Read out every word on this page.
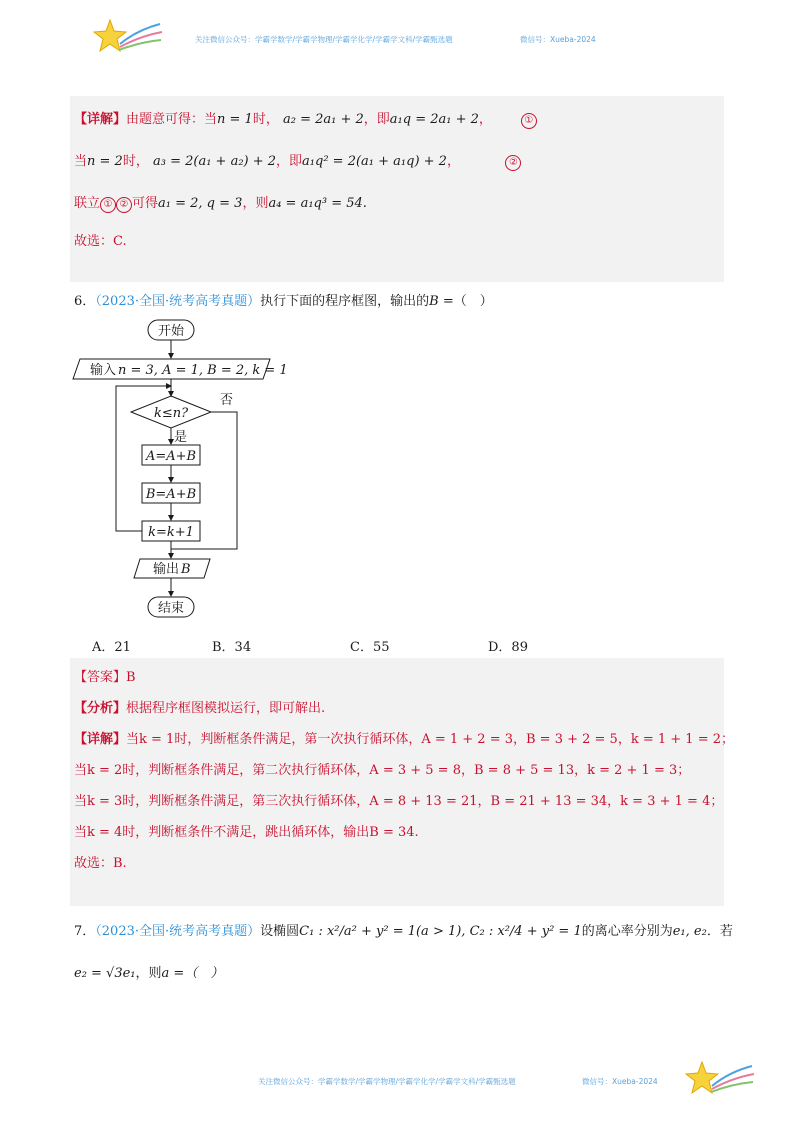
关注微信公众号：学霸学数学/学霸学物理/学霸学化学/学霸学文科/学霸甄选题	微信号：Xueba-2024
【详解】由题意可得：当n = 1时， a₂ = 2a₁ + 2，即a₁q = 2a₁ + 2，	①
当n = 2时， a₃ = 2(a₁ + a₂) + 2，即a₁q² = 2(a₁ + a₁q) + 2，	②
联立 ① ② 可得a₁ = 2, q = 3，则a₄ = a₁q³ = 54.
故选：C.
6．（2023·全国·统考高考真题）执行下面的程序框图，输出的B =（　）
开始
输入 n = 3, A = 1, B = 2, k = 1
k≤n?
否
是
A=A+B
B=A+B
k=k+1
输出 B
结束
A．21	B．34	C．55	D．89
【答案】B
【分析】根据程序框图模拟运行，即可解出.
【详解】当k = 1时，判断框条件满足，第一次执行循环体，A = 1 + 2 = 3，B = 3 + 2 = 5，k = 1 + 1 = 2；
当k = 2时，判断框条件满足，第二次执行循环体，A = 3 + 5 = 8，B = 8 + 5 = 13，k = 2 + 1 = 3；
当k = 3时，判断框条件满足，第三次执行循环体，A = 8 + 13 = 21，B = 21 + 13 = 34，k = 3 + 1 = 4；
当k = 4时，判断框条件不满足，跳出循环体，输出B = 34.
故选：B.
7．（2023·全国·统考高考真题）设椭圆C₁ : x²/a² + y² = 1(a > 1), C₂ : x²/4 + y² = 1的离心率分别为e₁, e₂．若
e₂ = √3e₁，则a =（　）
关注微信公众号：学霸学数学/学霸学物理/学霸学化学/学霸学文科/学霸甄选题	微信号：Xueba-2024
